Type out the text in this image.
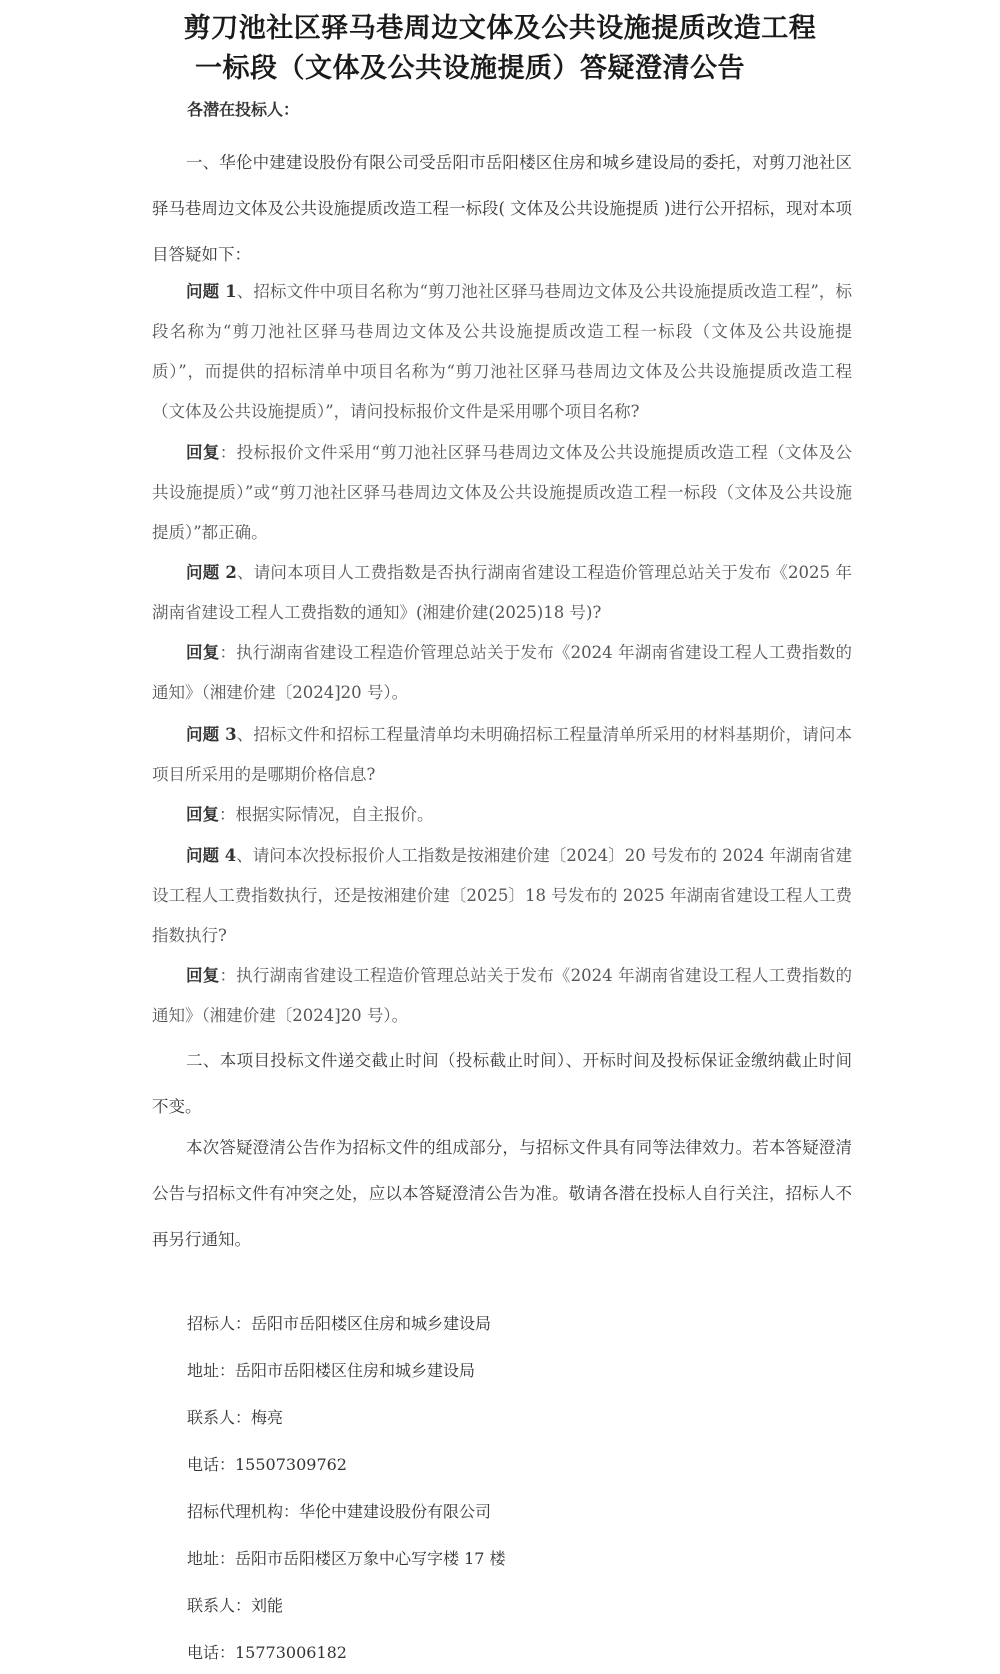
剪刀池社区驿马巷周边文体及公共设施提质改造工程
一标段（文体及公共设施提质）答疑澄清公告

各潜在投标人：

一、华伦中建建设股份有限公司受岳阳市岳阳楼区住房和城乡建设局的委托，对剪刀池社区驿马巷周边文体及公共设施提质改造工程一标段( 文体及公共设施提质 )进行公开招标，现对本项目答疑如下：

问题 1、招标文件中项目名称为“剪刀池社区驿马巷周边文体及公共设施提质改造工程”，标段名称为“剪刀池社区驿马巷周边文体及公共设施提质改造工程一标段（文体及公共设施提质）”，而提供的招标清单中项目名称为“剪刀池社区驿马巷周边文体及公共设施提质改造工程（文体及公共设施提质）”，请问投标报价文件是采用哪个项目名称?

回复：投标报价文件采用“剪刀池社区驿马巷周边文体及公共设施提质改造工程（文体及公共设施提质）”或“剪刀池社区驿马巷周边文体及公共设施提质改造工程一标段（文体及公共设施提质）”都正确。

问题 2、请问本项目人工费指数是否执行湖南省建设工程造价管理总站关于发布《2025 年湖南省建设工程人工费指数的通知》(湘建价建(2025)18 号)?

回复：执行湖南省建设工程造价管理总站关于发布《2024 年湖南省建设工程人工费指数的通知》（湘建价建〔2024]20 号）。

问题 3、招标文件和招标工程量清单均未明确招标工程量清单所采用的材料基期价，请问本项目所采用的是哪期价格信息?

回复：根据实际情况，自主报价。

问题 4、请问本次投标报价人工指数是按湘建价建〔2024〕20 号发布的 2024 年湖南省建设工程人工费指数执行，还是按湘建价建〔2025〕18 号发布的 2025 年湖南省建设工程人工费指数执行?

回复：执行湖南省建设工程造价管理总站关于发布《2024 年湖南省建设工程人工费指数的通知》（湘建价建〔2024]20 号）。

二、本项目投标文件递交截止时间（投标截止时间）、开标时间及投标保证金缴纳截止时间不变。

本次答疑澄清公告作为招标文件的组成部分，与招标文件具有同等法律效力。若本答疑澄清公告与招标文件有冲突之处，应以本答疑澄清公告为准。敬请各潜在投标人自行关注，招标人不再另行通知。

招标人：岳阳市岳阳楼区住房和城乡建设局

地址：岳阳市岳阳楼区住房和城乡建设局

联系人：梅亮

电话：15507309762

招标代理机构：华伦中建建设股份有限公司

地址：岳阳市岳阳楼区万象中心写字楼 17 楼

联系人：刘能

电话：15773006182
